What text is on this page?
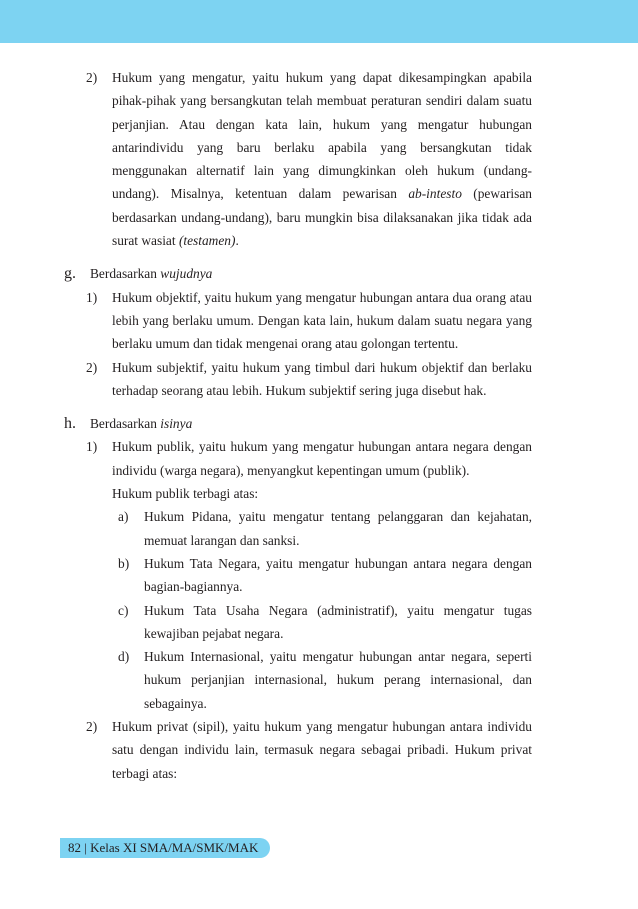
2) Hukum yang mengatur, yaitu hukum yang dapat dikesampingkan apabila pihak-pihak yang bersangkutan telah membuat peraturan sendiri dalam suatu perjanjian. Atau dengan kata lain, hukum yang mengatur hubungan antarindividu yang baru berlaku apabila yang bersangkutan tidak menggunakan alternatif lain yang dimungkinkan oleh hukum (undang-undang). Misalnya, ketentuan dalam pewarisan ab-intesto (pewarisan berdasarkan undang-undang), baru mungkin bisa dilaksanakan jika tidak ada surat wasiat (testamen).
g. Berdasarkan wujudnya
1) Hukum objektif, yaitu hukum yang mengatur hubungan antara dua orang atau lebih yang berlaku umum. Dengan kata lain, hukum dalam suatu negara yang berlaku umum dan tidak mengenai orang atau golongan tertentu.
2) Hukum subjektif, yaitu hukum yang timbul dari hukum objektif dan berlaku terhadap seorang atau lebih. Hukum subjektif sering juga disebut hak.
h. Berdasarkan isinya
1) Hukum publik, yaitu hukum yang mengatur hubungan antara negara dengan individu (warga negara), menyangkut kepentingan umum (publik).
Hukum publik terbagi atas:
a) Hukum Pidana, yaitu mengatur tentang pelanggaran dan kejahatan, memuat larangan dan sanksi.
b) Hukum Tata Negara, yaitu mengatur hubungan antara negara dengan bagian-bagiannya.
c) Hukum Tata Usaha Negara (administratif), yaitu mengatur tugas kewajiban pejabat negara.
d) Hukum Internasional, yaitu mengatur hubungan antar negara, seperti hukum perjanjian internasional, hukum perang internasional, dan sebagainya.
2) Hukum privat (sipil), yaitu hukum yang mengatur hubungan antara individu satu dengan individu lain, termasuk negara sebagai pribadi. Hukum privat terbagi atas:
82 | Kelas XI SMA/MA/SMK/MAK
